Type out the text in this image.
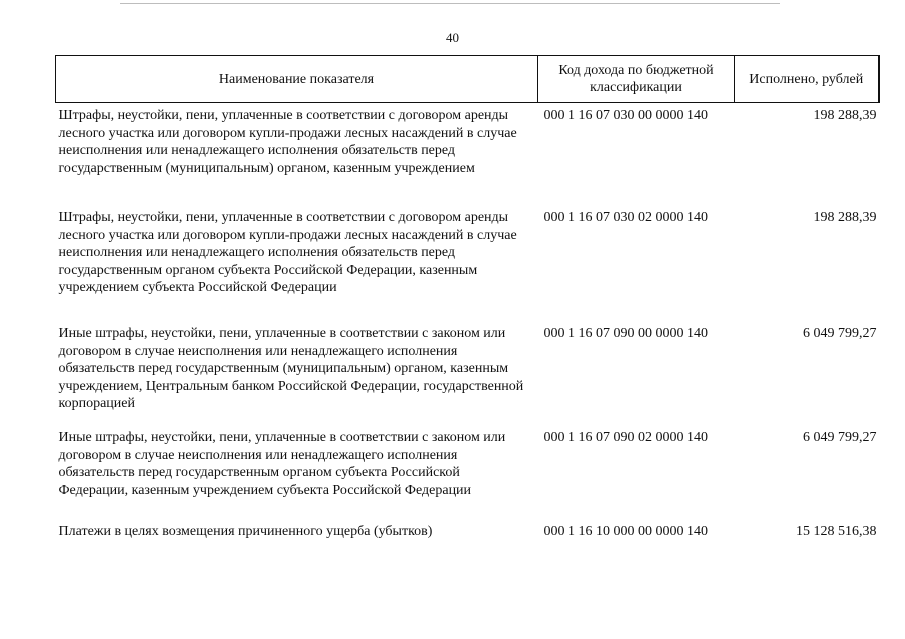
40
Наименование показателя	Код дохода по бюджетной классификации	Исполнено, рублей
Штрафы, неустойки, пени, уплаченные в соответствии с договором аренды лесного участка или договором купли-продажи лесных насаждений в случае неисполнения или ненадлежащего исполнения обязательств перед государственным (муниципальным) органом, казенным учреждением	000 1 16 07 030 00 0000 140	198 288,39
Штрафы, неустойки, пени, уплаченные в соответствии с договором аренды лесного участка или договором купли-продажи лесных насаждений в случае неисполнения или ненадлежащего исполнения обязательств перед государственным органом субъекта Российской Федерации, казенным учреждением субъекта Российской Федерации	000 1 16 07 030 02 0000 140	198 288,39
Иные штрафы, неустойки, пени, уплаченные в соответствии с законом или договором в случае неисполнения или ненадлежащего исполнения обязательств перед государственным (муниципальным) органом, казенным учреждением, Центральным банком Российской Федерации, государственной корпорацией	000 1 16 07 090 00 0000 140	6 049 799,27
Иные штрафы, неустойки, пени, уплаченные в соответствии с законом или договором в случае неисполнения или ненадлежащего исполнения обязательств перед государственным органом субъекта Российской Федерации, казенным учреждением субъекта Российской Федерации	000 1 16 07 090 02 0000 140	6 049 799,27
Платежи в целях возмещения причиненного ущерба (убытков)	000 1 16 10 000 00 0000 140	15 128 516,38
